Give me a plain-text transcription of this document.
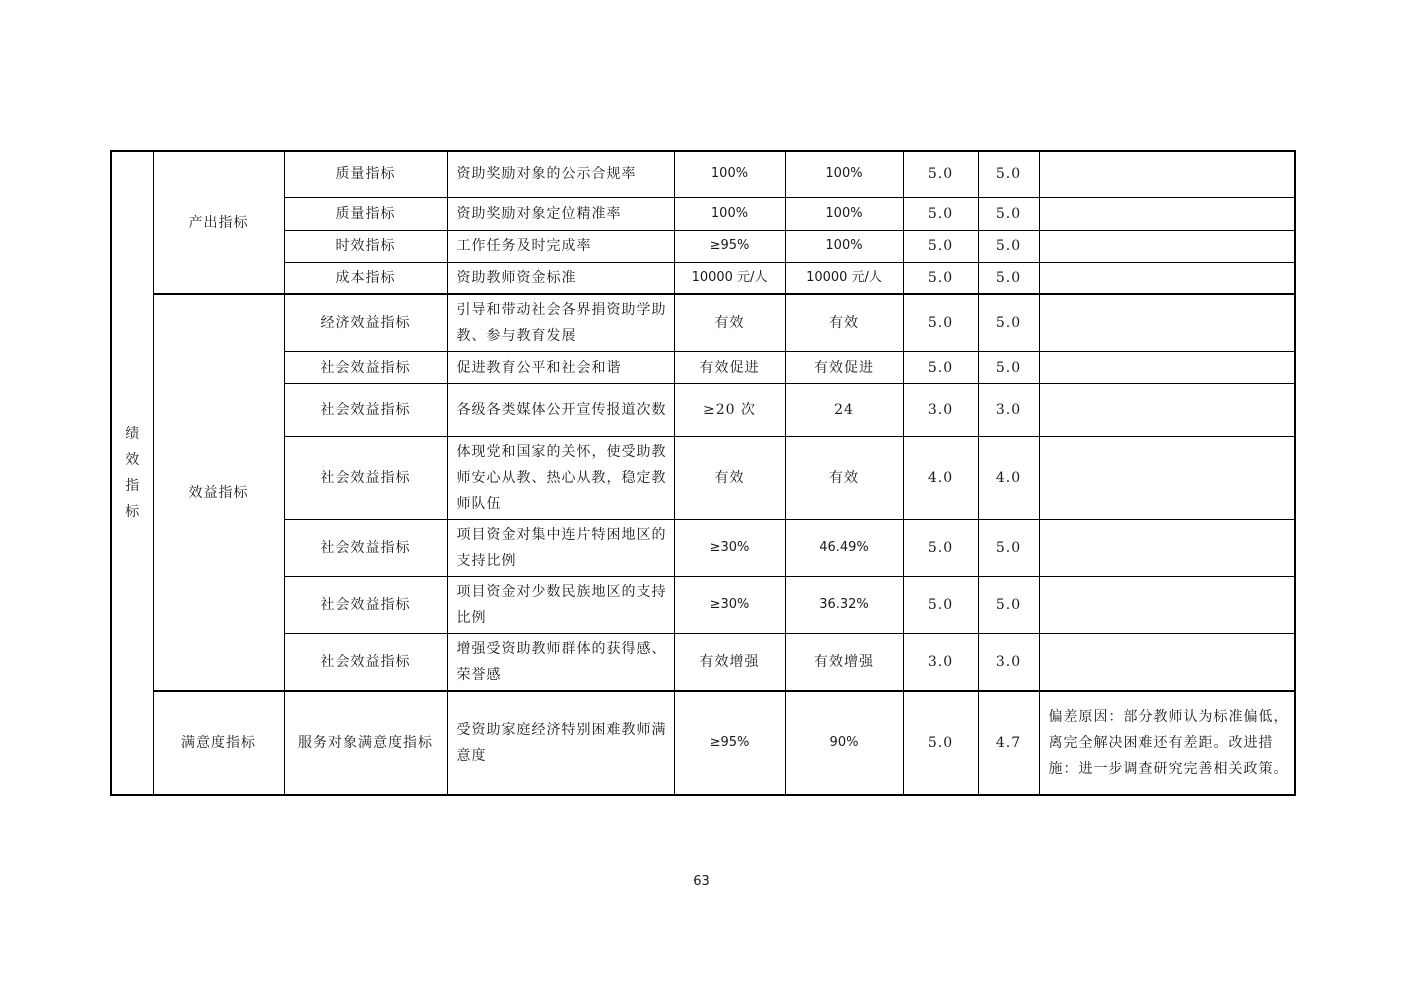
绩效指标	产出指标	质量指标	资助奖励对象的公示合规率	100%	100%	5.0	5.0	
		质量指标	资助奖励对象定位精准率	100%	100%	5.0	5.0	
		时效指标	工作任务及时完成率	≥95%	100%	5.0	5.0	
		成本指标	资助教师资金标准	10000 元/人	10000 元/人	5.0	5.0	
	效益指标	经济效益指标	引导和带动社会各界捐资助学助教、参与教育发展	有效	有效	5.0	5.0	
		社会效益指标	促进教育公平和社会和谐	有效促进	有效促进	5.0	5.0	
		社会效益指标	各级各类媒体公开宣传报道次数	≥20 次	24	3.0	3.0	
		社会效益指标	体现党和国家的关怀，使受助教师安心从教、热心从教，稳定教师队伍	有效	有效	4.0	4.0	
		社会效益指标	项目资金对集中连片特困地区的支持比例	≥30%	46.49%	5.0	5.0	
		社会效益指标	项目资金对少数民族地区的支持比例	≥30%	36.32%	5.0	5.0	
		社会效益指标	增强受资助教师群体的获得感、荣誉感	有效增强	有效增强	3.0	3.0	
	满意度指标	服务对象满意度指标	受资助家庭经济特别困难教师满意度	≥95%	90%	5.0	4.7	偏差原因：部分教师认为标准偏低，离完全解决困难还有差距。改进措施：进一步调查研究完善相关政策。
63
